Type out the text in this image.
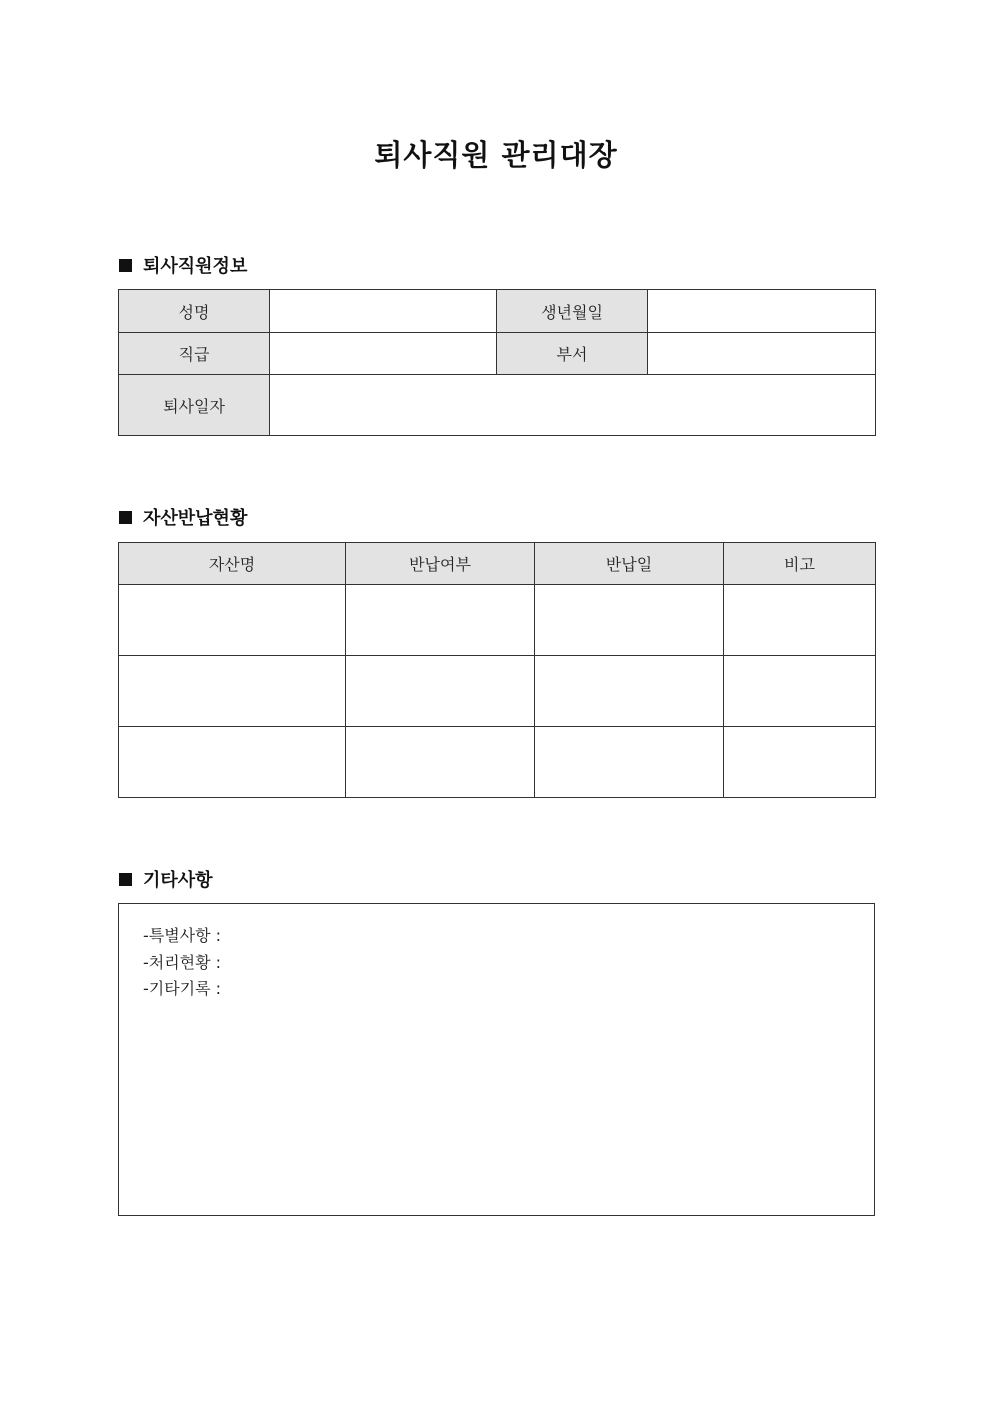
퇴사직원 관리대장
퇴사직원정보
성명		생년월일	
직급		부서	
퇴사일자			
자산반납현황
자산명	반납여부	반납일	비고

기타사항
-특별사항 :
-처리현황 :
-기타기록 :
